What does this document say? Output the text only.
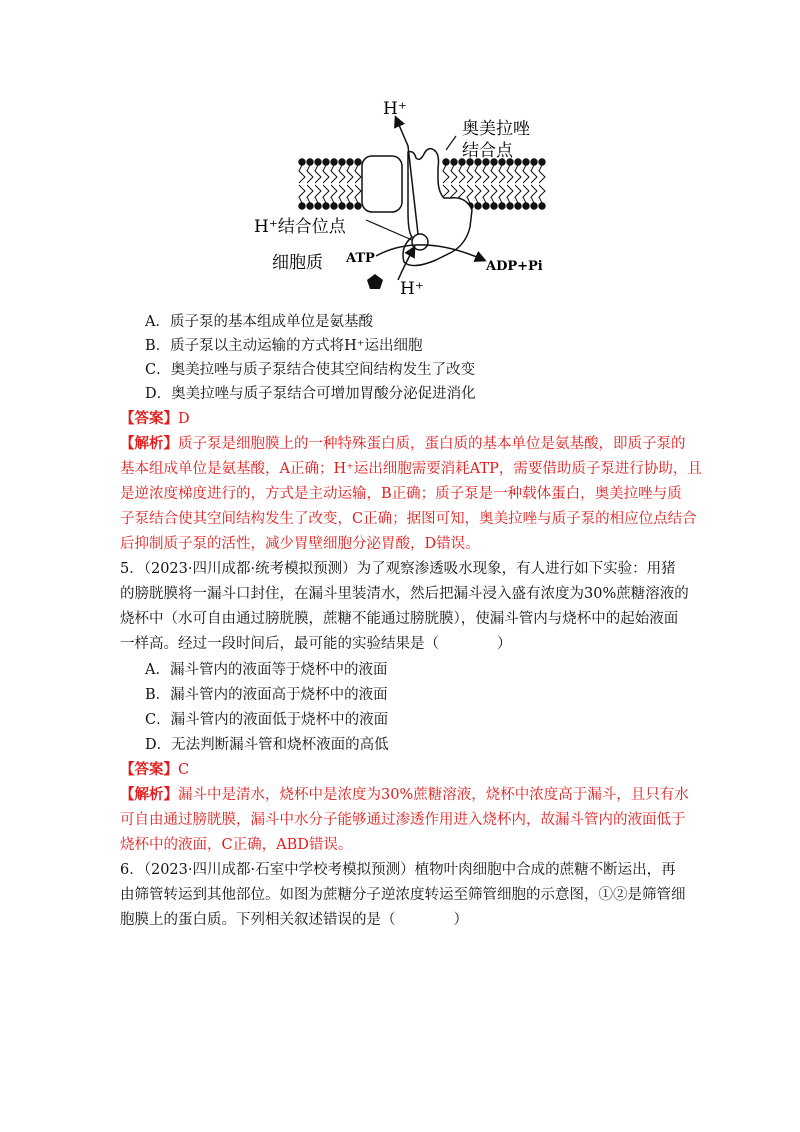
H⁺
奥美拉唑
结合点
H⁺结合位点
细胞质 ATP
ADP+Pi
H⁺
A．质子泵的基本组成单位是氨基酸
B．质子泵以主动运输的方式将H⁺运出细胞
C．奥美拉唑与质子泵结合使其空间结构发生了改变
D．奥美拉唑与质子泵结合可增加胃酸分泌促进消化
【答案】D
【解析】质子泵是细胞膜上的一种特殊蛋白质，蛋白质的基本单位是氨基酸，即质子泵的
基本组成单位是氨基酸，A正确；H⁺运出细胞需要消耗ATP，需要借助质子泵进行协助，且
是逆浓度梯度进行的，方式是主动运输，B正确；质子泵是一种载体蛋白，奥美拉唑与质
子泵结合使其空间结构发生了改变，C正确；据图可知，奥美拉唑与质子泵的相应位点结合
后抑制质子泵的活性，减少胃壁细胞分泌胃酸，D错误。
5．（2023·四川成都·统考模拟预测）为了观察渗透吸水现象，有人进行如下实验：用猪
的膀胱膜将一漏斗口封住，在漏斗里装清水，然后把漏斗浸入盛有浓度为30%蔗糖溶液的
烧杯中（水可自由通过膀胱膜，蔗糖不能通过膀胱膜），使漏斗管内与烧杯中的起始液面
一样高。经过一段时间后，最可能的实验结果是（　　　　）
A．漏斗管内的液面等于烧杯中的液面
B．漏斗管内的液面高于烧杯中的液面
C．漏斗管内的液面低于烧杯中的液面
D．无法判断漏斗管和烧杯液面的高低
【答案】C
【解析】漏斗中是清水，烧杯中是浓度为30%蔗糖溶液，烧杯中浓度高于漏斗，且只有水
可自由通过膀胱膜，漏斗中水分子能够通过渗透作用进入烧杯内，故漏斗管内的液面低于
烧杯中的液面，C正确，ABD错误。
6．（2023·四川成都·石室中学校考模拟预测）植物叶肉细胞中合成的蔗糖不断运出，再
由筛管转运到其他部位。如图为蔗糖分子逆浓度转运至筛管细胞的示意图，①②是筛管细
胞膜上的蛋白质。下列相关叙述错误的是（　　　　）
